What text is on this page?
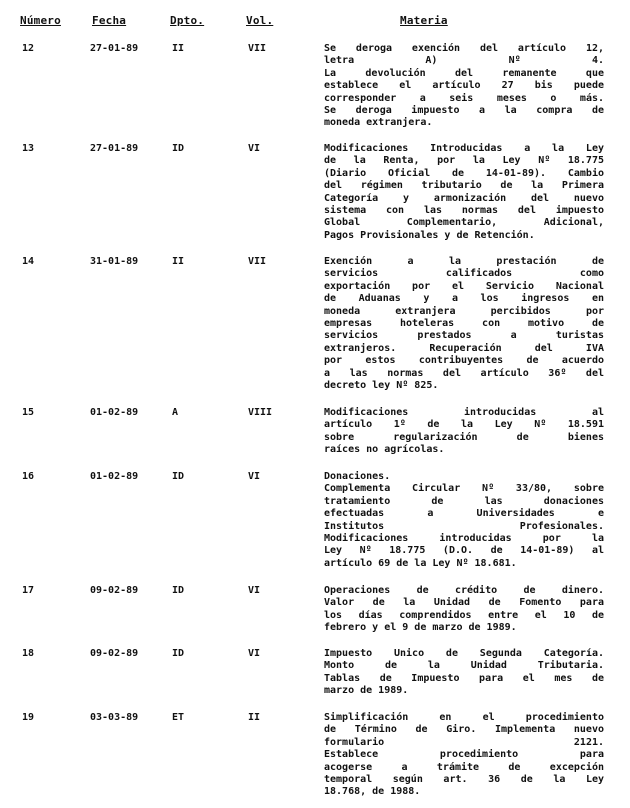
Número	Fecha	Dpto.	Vol.	Materia
12	27-01-89	II	VII	Se deroga exención del artículo 12,
letra A) Nº 4.
La devolución del remanente que
establece el artículo 27 bis puede
corresponder a seis meses o más.
Se deroga impuesto a la compra de
moneda extranjera.
13	27-01-89	ID	VI	Modificaciones Introducidas a la Ley
de la Renta, por la Ley Nº 18.775
(Diario Oficial de 14-01-89). Cambio
del régimen tributario de la Primera
Categoría y armonización del nuevo
sistema con las normas del impuesto
Global Complementario, Adicional,
Pagos Provisionales y de Retención.
14	31-01-89	II	VII	Exención a la prestación de
servicios calificados como
exportación por el Servicio Nacional
de Aduanas y a los ingresos en
moneda extranjera percibidos por
empresas hoteleras con motivo de
servicios prestados a turistas
extranjeros. Recuperación del IVA
por estos contribuyentes de acuerdo
a las normas del artículo 36º del
decreto ley Nº 825.
15	01-02-89	A	VIII	Modificaciones introducidas al
artículo 1º de la Ley Nº 18.591
sobre regularización de bienes
raíces no agrícolas.
16	01-02-89	ID	VI	Donaciones.
Complementa Circular Nº 33/80, sobre
tratamiento de las donaciones
efectuadas a Universidades e
Institutos Profesionales.
Modificaciones introducidas por la
Ley Nº 18.775 (D.O. de 14-01-89) al
artículo 69 de la Ley Nº 18.681.
17	09-02-89	ID	VI	Operaciones de crédito de dinero.
Valor de la Unidad de Fomento para
los días comprendidos entre el 10 de
febrero y el 9 de marzo de 1989.
18	09-02-89	ID	VI	Impuesto Unico de Segunda Categoría.
Monto de la Unidad Tributaria.
Tablas de Impuesto para el mes de
marzo de 1989.
19	03-03-89	ET	II	Simplificación en el procedimiento
de Término de Giro. Implementa nuevo
formulario 2121.
Establece procedimiento para
acogerse a trámite de excepción
temporal según art. 36 de la Ley
18.768, de 1988.
